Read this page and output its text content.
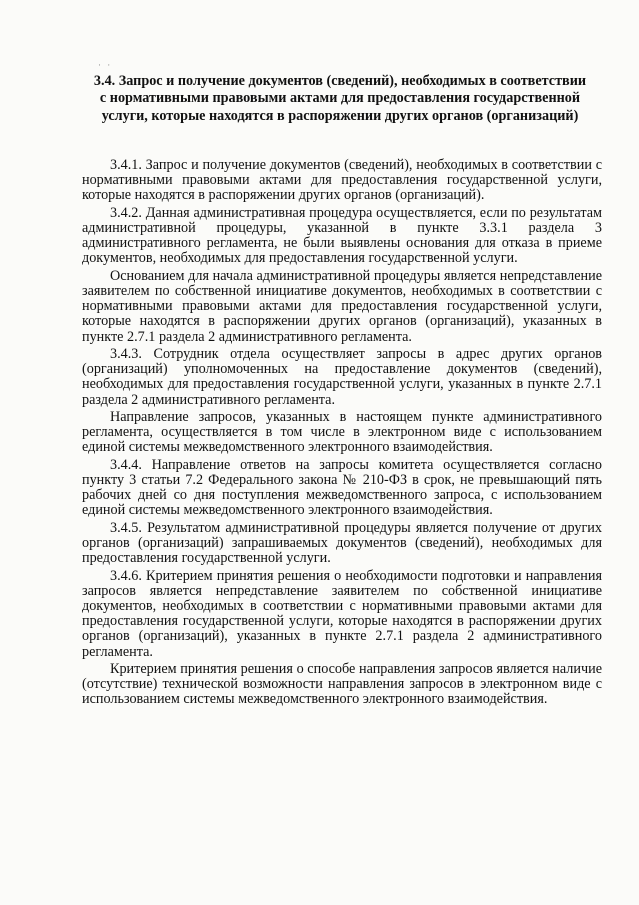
· ·
3.4. Запрос и получение документов (сведений), необходимых в соответствии с нормативными правовыми актами для предоставления государственной услуги, которые находятся в распоряжении других органов (организаций)

3.4.1. Запрос и получение документов (сведений), необходимых в соответствии с нормативными правовыми актами для предоставления государственной услуги, которые находятся в распоряжении других органов (организаций).

3.4.2. Данная административная процедура осуществляется, если по результатам административной процедуры, указанной в пункте 3.3.1 раздела 3 административного регламента, не были выявлены основания для отказа в приеме документов, необходимых для предоставления государственной услуги.

Основанием для начала административной процедуры является непредставление заявителем по собственной инициативе документов, необходимых в соответствии с нормативными правовыми актами для предоставления государственной услуги, которые находятся в распоряжении других органов (организаций), указанных в пункте 2.7.1 раздела 2 административного регламента.

3.4.3. Сотрудник отдела осуществляет запросы в адрес других органов (организаций) уполномоченных на предоставление документов (сведений), необходимых для предоставления государственной услуги, указанных в пункте 2.7.1 раздела 2 административного регламента.

Направление запросов, указанных в настоящем пункте административного регламента, осуществляется в том числе в электронном виде с использованием единой системы межведомственного электронного взаимодействия.

3.4.4. Направление ответов на запросы комитета осуществляется согласно пункту 3 статьи 7.2 Федерального закона № 210-ФЗ в срок, не превышающий пять рабочих дней со дня поступления межведомственного запроса, с использованием единой системы межведомственного электронного взаимодействия.

3.4.5. Результатом административной процедуры является получение от других органов (организаций) запрашиваемых документов (сведений), необходимых для предоставления государственной услуги.

3.4.6. Критерием принятия решения о необходимости подготовки и направления запросов является непредставление заявителем по собственной инициативе документов, необходимых в соответствии с нормативными правовыми актами для предоставления государственной услуги, которые находятся в распоряжении других органов (организаций), указанных в пункте 2.7.1 раздела 2 административного регламента.

Критерием принятия решения о способе направления запросов является наличие (отсутствие) технической возможности направления запросов в электронном виде с использованием системы межведомственного электронного взаимодействия.
